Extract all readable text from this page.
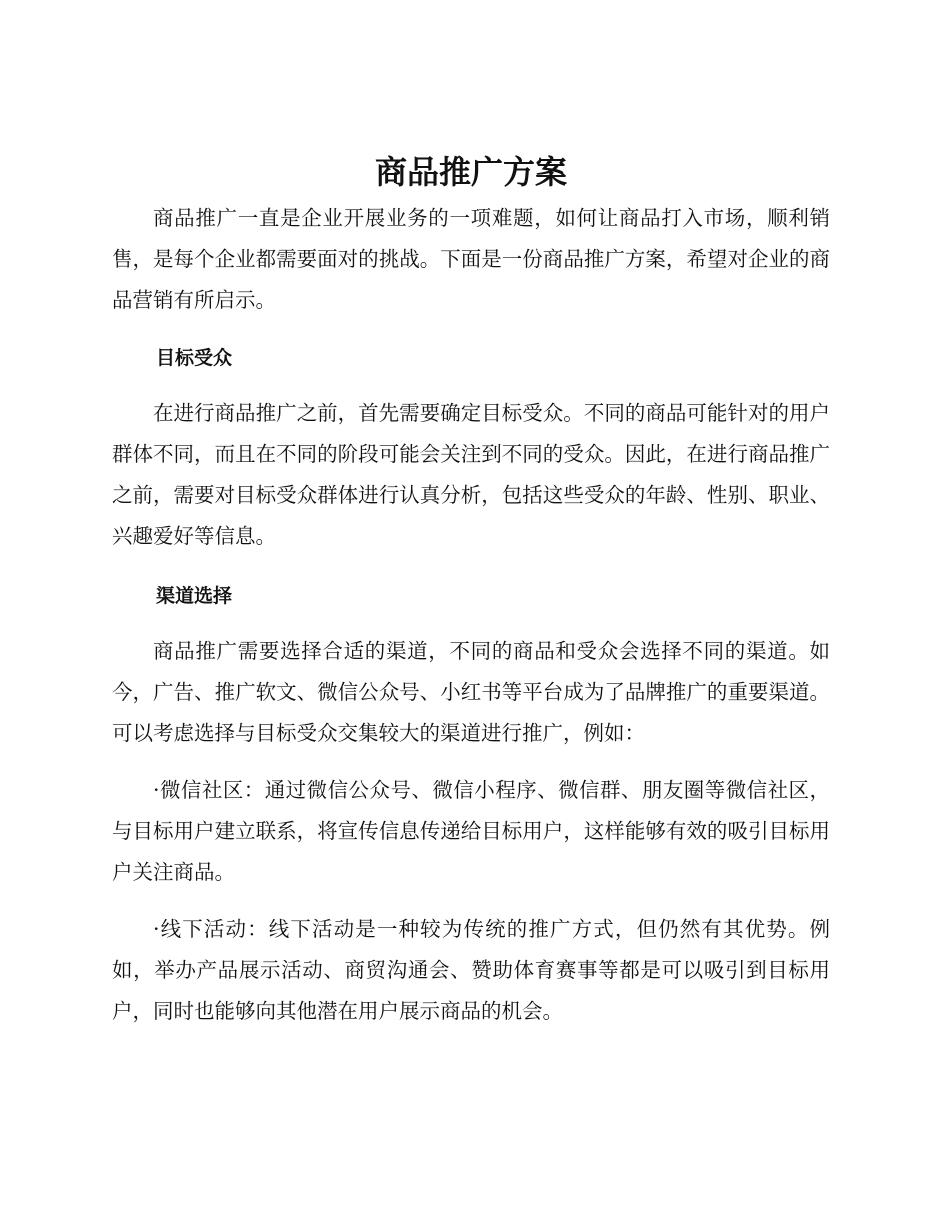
商品推广方案

商品推广一直是企业开展业务的一项难题，如何让商品打入市场，顺利销售，是每个企业都需要面对的挑战。下面是一份商品推广方案，希望对企业的商品营销有所启示。

目标受众

在进行商品推广之前，首先需要确定目标受众。不同的商品可能针对的用户群体不同，而且在不同的阶段可能会关注到不同的受众。因此，在进行商品推广之前，需要对目标受众群体进行认真分析，包括这些受众的年龄、性别、职业、兴趣爱好等信息。

渠道选择

商品推广需要选择合适的渠道，不同的商品和受众会选择不同的渠道。如今，广告、推广软文、微信公众号、小红书等平台成为了品牌推广的重要渠道。可以考虑选择与目标受众交集较大的渠道进行推广，例如：

·微信社区：通过微信公众号、微信小程序、微信群、朋友圈等微信社区，与目标用户建立联系，将宣传信息传递给目标用户，这样能够有效的吸引目标用户关注商品。

·线下活动：线下活动是一种较为传统的推广方式，但仍然有其优势。例如，举办产品展示活动、商贸沟通会、赞助体育赛事等都是可以吸引到目标用户，同时也能够向其他潜在用户展示商品的机会。
